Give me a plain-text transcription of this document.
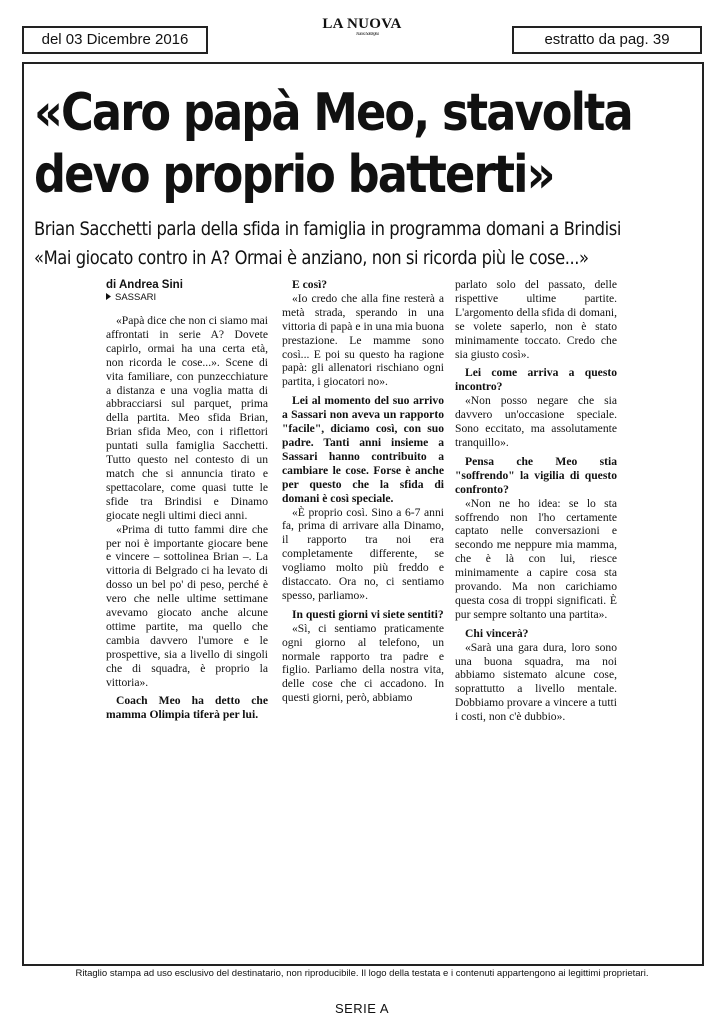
del 03 Dicembre 2016
LA NUOVA
Nuova Sardegna	estratto da pag. 39
«Caro papà Meo, stavolta
devo proprio batterti»
Brian Sacchetti parla della sfida in famiglia in programma domani a Brindisi
«Mai giocato contro in A? Ormai è anziano, non si ricorda più le cose...»
di Andrea Sini
SASSARI

«Papà dice che non ci siamo mai affrontati in serie A? Dovete capirlo, ormai ha una certa età, non ricorda le cose...». Scene di vita familiare, con punzecchiature a distanza e una voglia matta di abbracciarsi sul parquet, prima della partita. Meo sfida Brian, Brian sfida Meo, con i riflettori puntati sulla famiglia Sacchetti. Tutto questo nel contesto di un match che si annuncia tirato e spettacolare, come quasi tutte le sfide tra Brindisi e Dinamo giocate negli ultimi dieci anni.

«Prima di tutto fammi dire che per noi è importante giocare bene e vincere – sottolinea Brian –. La vittoria di Belgrado ci ha levato di dosso un bel po' di peso, perché è vero che nelle ultime settimane avevamo giocato anche alcune ottime partite, ma quello che cambia davvero l'umore e le prospettive, sia a livello di singoli che di squadra, è proprio la vittoria».

Coach Meo ha detto che mamma Olimpia tiferà per lui.

E così?

«Io credo che alla fine resterà a metà strada, sperando in una vittoria di papà e in una mia buona prestazione. Le mamme sono così... E poi su questo ha ragione papà: gli allenatori rischiano ogni partita, i giocatori no».

Lei al momento del suo arrivo a Sassari non aveva un rapporto "facile", diciamo così, con suo padre. Tanti anni insieme a Sassari hanno contribuito a cambiare le cose. Forse è anche per questo che la sfida di domani è così speciale.

«È proprio così. Sino a 6-7 anni fa, prima di arrivare alla Dinamo, il rapporto tra noi era completamente differente, se vogliamo molto più freddo e distaccato. Ora no, ci sentiamo spesso, parliamo».

In questi giorni vi siete sentiti?

«Sì, ci sentiamo praticamente ogni giorno al telefono, un normale rapporto tra padre e figlio. Parliamo della nostra vita, delle cose che ci accadono. In questi giorni, però, abbiamo

parlato solo del passato, delle rispettive ultime partite. L'argomento della sfida di domani, se volete saperlo, non è stato minimamente toccato. Credo che sia giusto così».

Lei come arriva a questo incontro?

«Non posso negare che sia davvero un'occasione speciale. Sono eccitato, ma assolutamente tranquillo».

Pensa che Meo stia "soffrendo" la vigilia di questo confronto?

«Non ne ho idea: se lo sta soffrendo non l'ho certamente captato nelle conversazioni e secondo me neppure mia mamma, che è là con lui, riesce minimamente a capire cosa sta provando. Ma non carichiamo questa cosa di troppi significati. È pur sempre soltanto una partita».

Chi vincerà?

«Sarà una gara dura, loro sono una buona squadra, ma noi abbiamo sistemato alcune cose, soprattutto a livello mentale. Dobbiamo provare a vincere a tutti i costi, non c'è dubbio».

Ritaglio stampa ad uso esclusivo del destinatario, non riproducibile. Il logo della testata e i contenuti appartengono ai legittimi proprietari.
SERIE A
